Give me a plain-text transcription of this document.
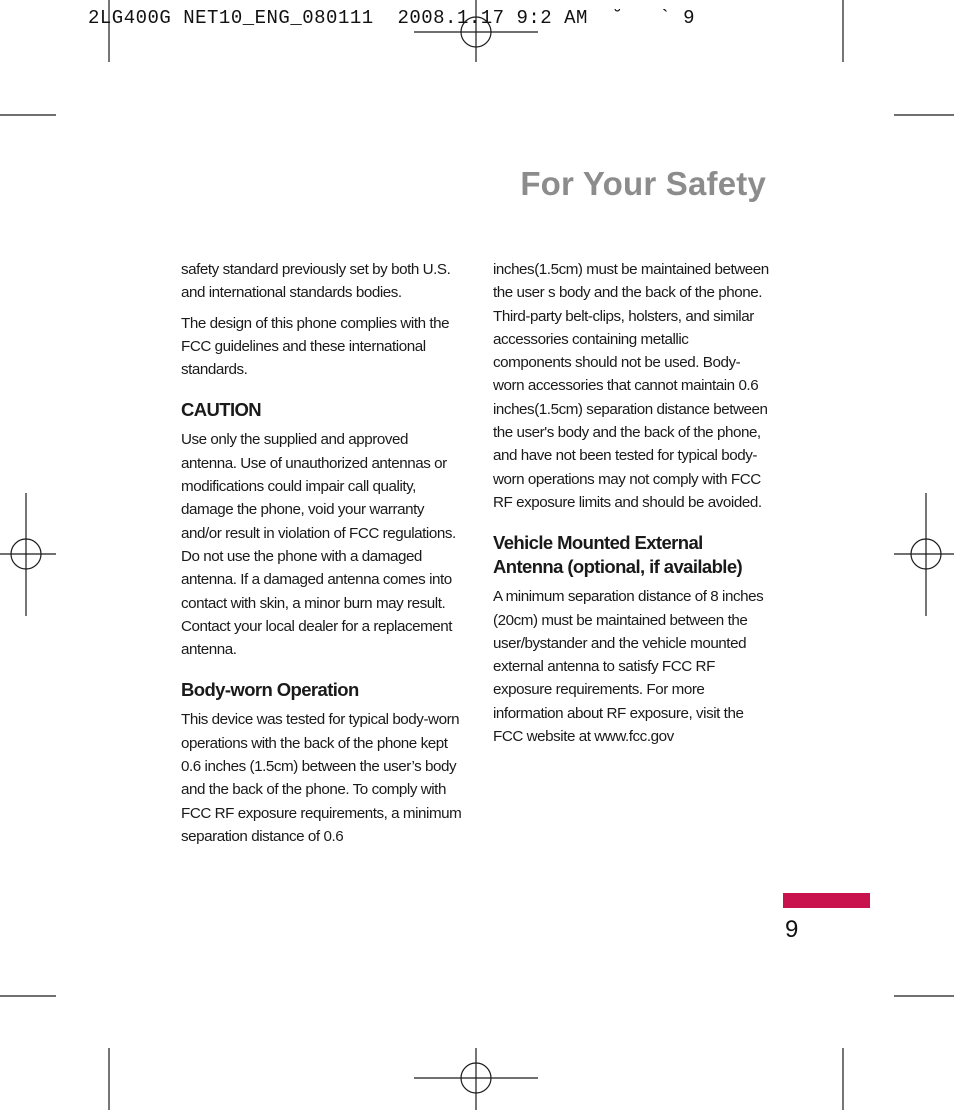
2LG400G NET10_ENG_080111  2008.1.17 9:2 AM  ˘   ` 9
For Your Safety

safety standard previously set by both U.S. and international standards bodies.

The design of this phone complies with the FCC guidelines and these international standards.

CAUTION

Use only the supplied and approved antenna. Use of unauthorized antennas or modifications could impair call quality, damage the phone, void your warranty and/or result in violation of FCC regulations. Do not use the phone with a damaged antenna. If a damaged antenna comes into contact with skin, a minor burn may result. Contact your local dealer for a replacement antenna.

Body-worn Operation

This device was tested for typical body-worn operations with the back of the phone kept 0.6 inches (1.5cm) between the user’s body and the back of the phone. To comply with FCC RF exposure requirements, a minimum separation distance of 0.6

inches(1.5cm) must be maintained between the user s body and the back of the phone. Third-party belt-clips, holsters, and similar accessories containing metallic components should not be used. Body-worn accessories that cannot maintain 0.6 inches(1.5cm) separation distance between the user's body and the back of the phone, and have not been tested for typical body-worn operations may not comply with FCC RF exposure limits and should be avoided.

Vehicle Mounted External Antenna (optional, if available)

A minimum separation distance of 8 inches (20cm) must be maintained between the user/bystander and the vehicle mounted external antenna to satisfy FCC RF exposure requirements. For more information about RF exposure, visit the FCC website at www.fcc.gov

9
